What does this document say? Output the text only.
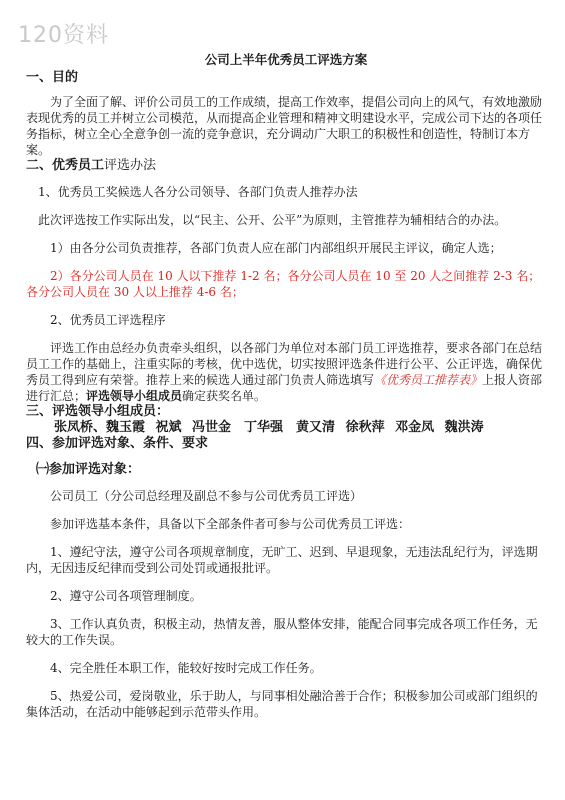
120资料

公司上半年优秀员工评选方案

一、目的

为了全面了解、评价公司员工的工作成绩，提高工作效率，提倡公司向上的风气，有效地激励表现优秀的员工并树立公司模范，从而提高企业管理和精神文明建设水平，完成公司下达的各项任务指标，树立全心全意争创一流的竞争意识，充分调动广大职工的积极性和创造性，特制订本方案。

二、优秀员工评选办法

1、优秀员工奖候选人各分公司领导、各部门负责人推荐办法

此次评选按工作实际出发，以“民主、公开、公平”为原则，主管推荐为辅相结合的办法。

1）由各分公司负责推荐，各部门负责人应在部门内部组织开展民主评议，确定人选；

2）各分公司人员在 10 人以下推荐 1-2 名；各分公司人员在 10 至 20 人之间推荐 2-3 名；各分公司人员在 30 人以上推荐 4-6 名；

2、优秀员工评选程序

评选工作由总经办负责牵头组织，以各部门为单位对本部门员工评选推荐，要求各部门在总结员工工作的基础上，注重实际的考核，优中选优，切实按照评选条件进行公平、公正评选，确保优秀员工得到应有荣誉。推荐上来的候选人通过部门负责人筛选填写《优秀员工推荐表》上报人资部进行汇总；评选领导小组成员确定获奖名单。

三、评选领导小组成员：

张凤桥、魏玉霞 祝斌 冯世金　丁华强　黄又清 徐秋萍 邓金凤 魏洪涛

四、参加评选对象、条件、要求

㈠参加评选对象：

公司员工（分公司总经理及副总不参与公司优秀员工评选）

参加评选基本条件，具备以下全部条件者可参与公司优秀员工评选：

1、遵纪守法，遵守公司各项规章制度，无旷工、迟到、早退现象，无违法乱纪行为，评选期内，无因违反纪律而受到公司处罚或通报批评。

2、遵守公司各项管理制度。

3、工作认真负责，积极主动，热情友善，服从整体安排，能配合同事完成各项工作任务，无较大的工作失误。

4、完全胜任本职工作，能较好按时完成工作任务。

5、热爱公司，爱岗敬业，乐于助人，与同事相处融洽善于合作；积极参加公司或部门组织的集体活动，在活动中能够起到示范带头作用。
